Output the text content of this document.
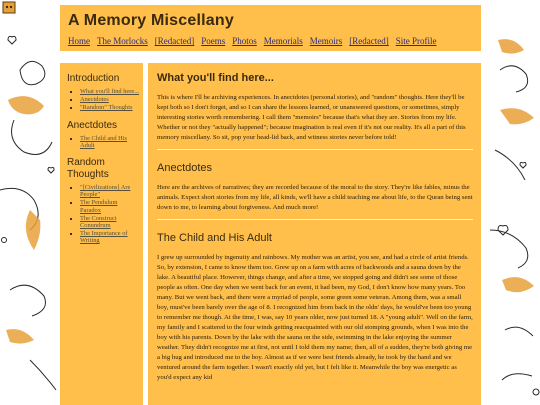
A Memory Miscellany
Home The Morlocks [Redacted] Poems Photos Memorials Memoirs [Redacted] Site Profile
Introduction
• What you'll find here...
• Anectdotes
• "Random" Thoughts
Anectdotes
• The Child and His Adult
Random Thoughts
• "[Civilizations] Are People"
• The Pendulum Paradox
• The Construct Conundrum
• The Importance of Writing
What you'll find here...

This is where I'll be archiving experiences. In anectdotes (personal stories), and "random" thoughts. Here they'll be kept both so I don't forget, and so I can share the lessons learned, or unanswered questions, or sometimes, simply interesting stories worth remembering. I call them "memoirs" because that's what they are. Stories from my life. Whether or not they "actually happened"; because imagination is real even if it's not our reality. It's all a part of this memory miscellany. So sit, pop your head-lid back, and witness stories never before told!

Anectdotes

Here are the archives of narratives; they are recorded because of the moral to the story. They're like fables, minus the animals. Expect short stories from my life, all kinds, we'll have a child teaching me about life, to the Quran being sent down to me, to learning about forgiveness. And much more!

The Child and His Adult

I grew up surrounded by ingenuity and rainbows. My mother was an artist, you see, and had a circle of artist friends. So, by extension, I came to know them too. Grew up on a farm with acres of backwoods and a sauna down by the lake. A beautiful place. However, things change, and after a time, we stopped going and didn't see some of those people as often. One day when we went back for an event, it had been, my God, I don't know how many years. Too many. But we went back, and there were a myriad of people, some green some veteran. Among them, was a small boy, must've been barely over the age of 8. I recognized him from back in the oldn' days, he would've been too young to remember me though. At the time, I was, say 10 years older, now just turned 18. A "young adult". Well on the farm, my family and I scattered to the four winds getting reacquainted with our old stomping grounds, when I was into the boy with his parents. Down by the lake with the sauna on the side, swimming in the lake enjoying the summer weather. They didn't recognize me at first, not until I told them my name; then, all of a sudden, they're both giving me a big hug and introduced me to the boy. Almost as if we were best friends already, he took by the hand and we ventured around the farm together. I wasn't exactly old yet, but I felt like it. Meanwhile the boy was energetic as you'd expect any kid
